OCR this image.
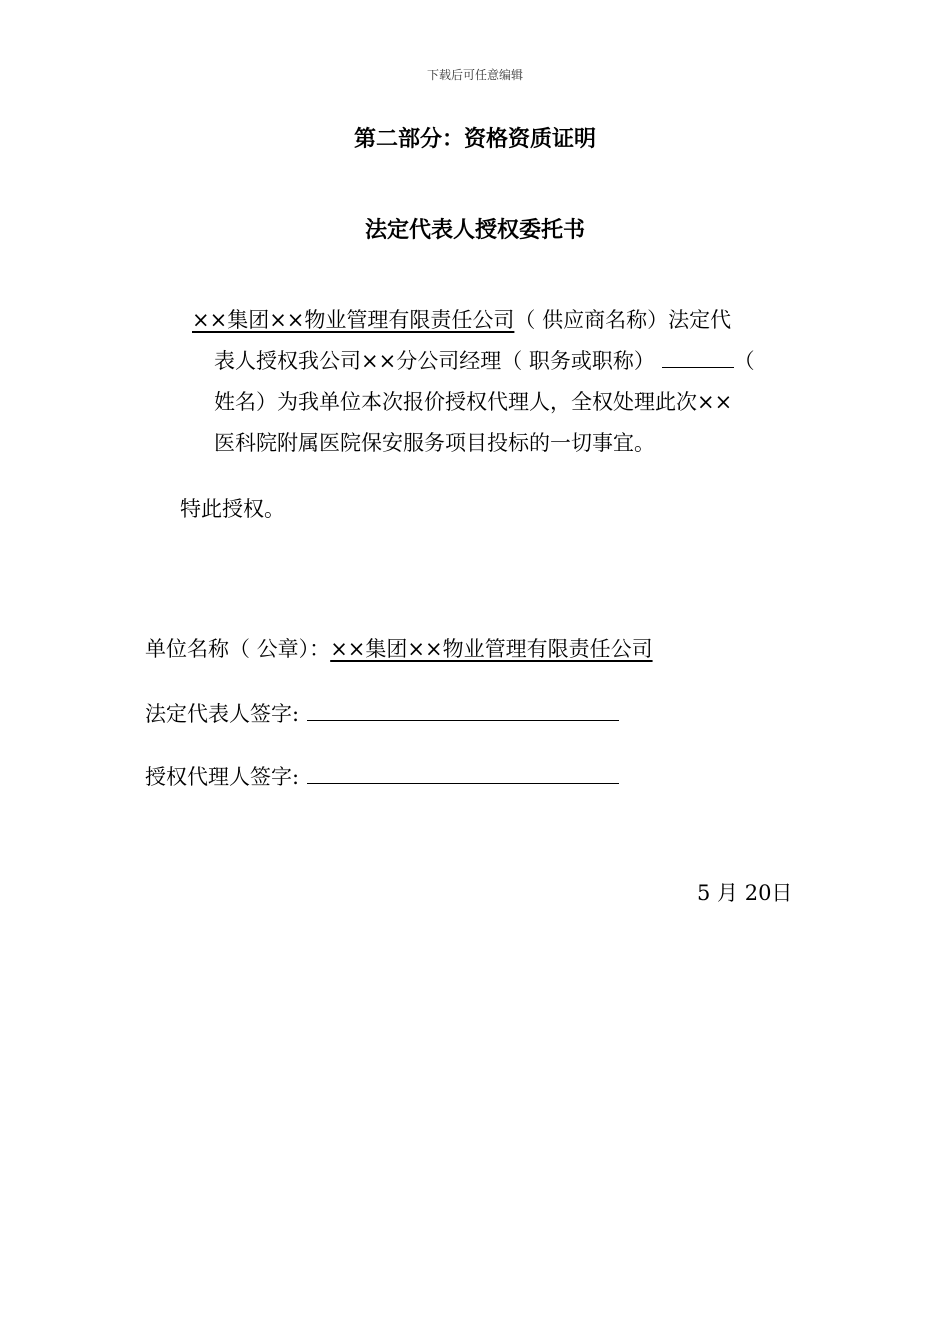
下载后可任意编辑
第二部分：资格资质证明
法定代表人授权委托书
××集团××物业管理有限责任公司（ 供应商名称）法定代
表人授权我公司××分公司经理（ 职务或职称）	（
姓名）为我单位本次报价授权代理人，全权处理此次××
医科院附属医院保安服务项目投标的一切事宜。
特此授权。
单位名称（ 公章）：××集团××物业管理有限责任公司
法定代表人签字:
授权代理人签字:
5 月 20日
